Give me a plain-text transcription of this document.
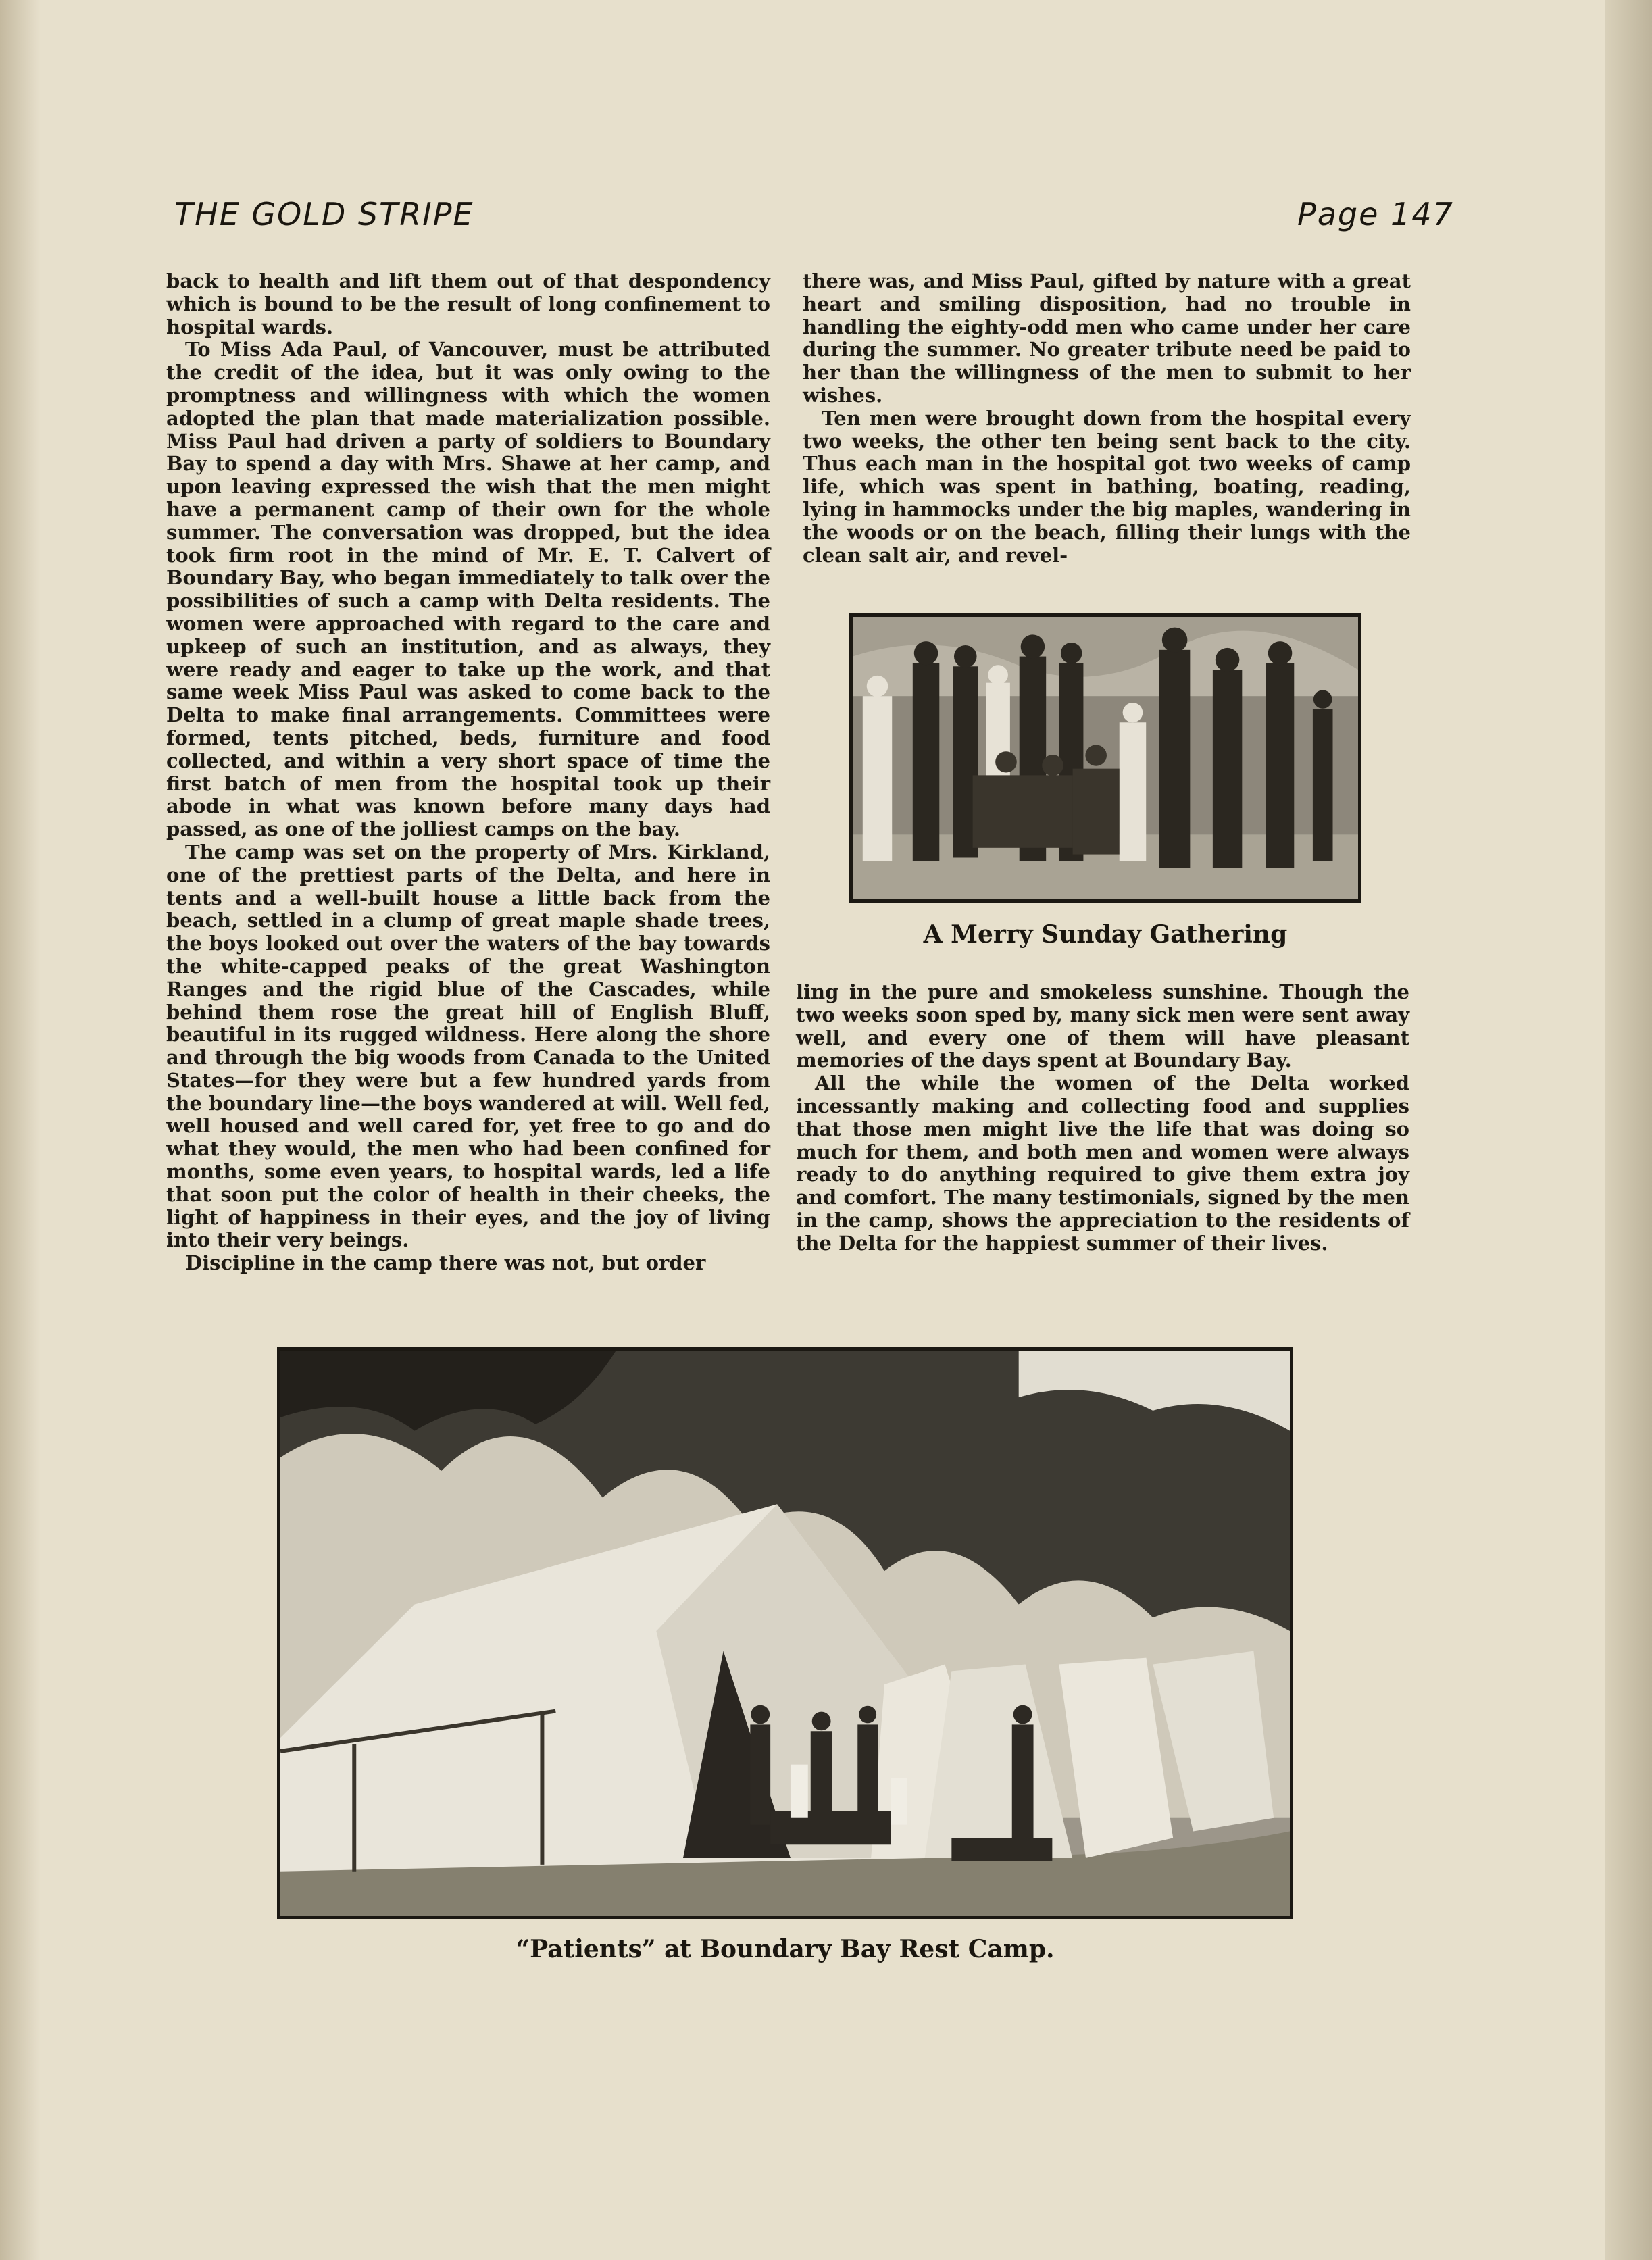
THE GOLD STRIPE	Page 147

back to health and lift them out of that despondency which is bound to be the result of long confinement to hospital wards.

To Miss Ada Paul, of Vancouver, must be attributed the credit of the idea, but it was only owing to the promptness and willingness with which the women adopted the plan that made materialization possible. Miss Paul had driven a party of soldiers to Boundary Bay to spend a day with Mrs. Shawe at her camp, and upon leaving expressed the wish that the men might have a permanent camp of their own for the whole summer. The conversation was dropped, but the idea took firm root in the mind of Mr. E. T. Calvert of Boundary Bay, who began immediately to talk over the possibilities of such a camp with Delta residents. The women were approached with regard to the care and upkeep of such an institution, and as always, they were ready and eager to take up the work, and that same week Miss Paul was asked to come back to the Delta to make final arrangements. Committees were formed, tents pitched, beds, furniture and food collected, and within a very short space of time the first batch of men from the hospital took up their abode in what was known before many days had passed, as one of the jolliest camps on the bay.

The camp was set on the property of Mrs. Kirkland, one of the prettiest parts of the Delta, and here in tents and a well-built house a little back from the beach, settled in a clump of great maple shade trees, the boys looked out over the waters of the bay towards the white-capped peaks of the great Washington Ranges and the rigid blue of the Cascades, while behind them rose the great hill of English Bluff, beautiful in its rugged wildness. Here along the shore and through the big woods from Canada to the United States—for they were but a few hundred yards from the boundary line—the boys wandered at will. Well fed, well housed and well cared for, yet free to go and do what they would, the men who had been confined for months, some even years, to hospital wards, led a life that soon put the color of health in their cheeks, the light of happiness in their eyes, and the joy of living into their very beings.

Discipline in the camp there was not, but order

there was, and Miss Paul, gifted by nature with a great heart and smiling disposition, had no trouble in handling the eighty-odd men who came under her care during the summer. No greater tribute need be paid to her than the willingness of the men to submit to her wishes.

Ten men were brought down from the hospital every two weeks, the other ten being sent back to the city. Thus each man in the hospital got two weeks of camp life, which was spent in bathing, boating, reading, lying in hammocks under the big maples, wandering in the woods or on the beach, filling their lungs with the clean salt air, and revel-

A Merry Sunday Gathering

ling in the pure and smokeless sunshine. Though the two weeks soon sped by, many sick men were sent away well, and every one of them will have pleasant memories of the days spent at Boundary Bay.

All the while the women of the Delta worked incessantly making and collecting food and supplies that those men might live the life that was doing so much for them, and both men and women were always ready to do anything required to give them extra joy and comfort. The many testimonials, signed by the men in the camp, shows the appreciation to the residents of the Delta for the happiest summer of their lives.

“Patients” at Boundary Bay Rest Camp.
